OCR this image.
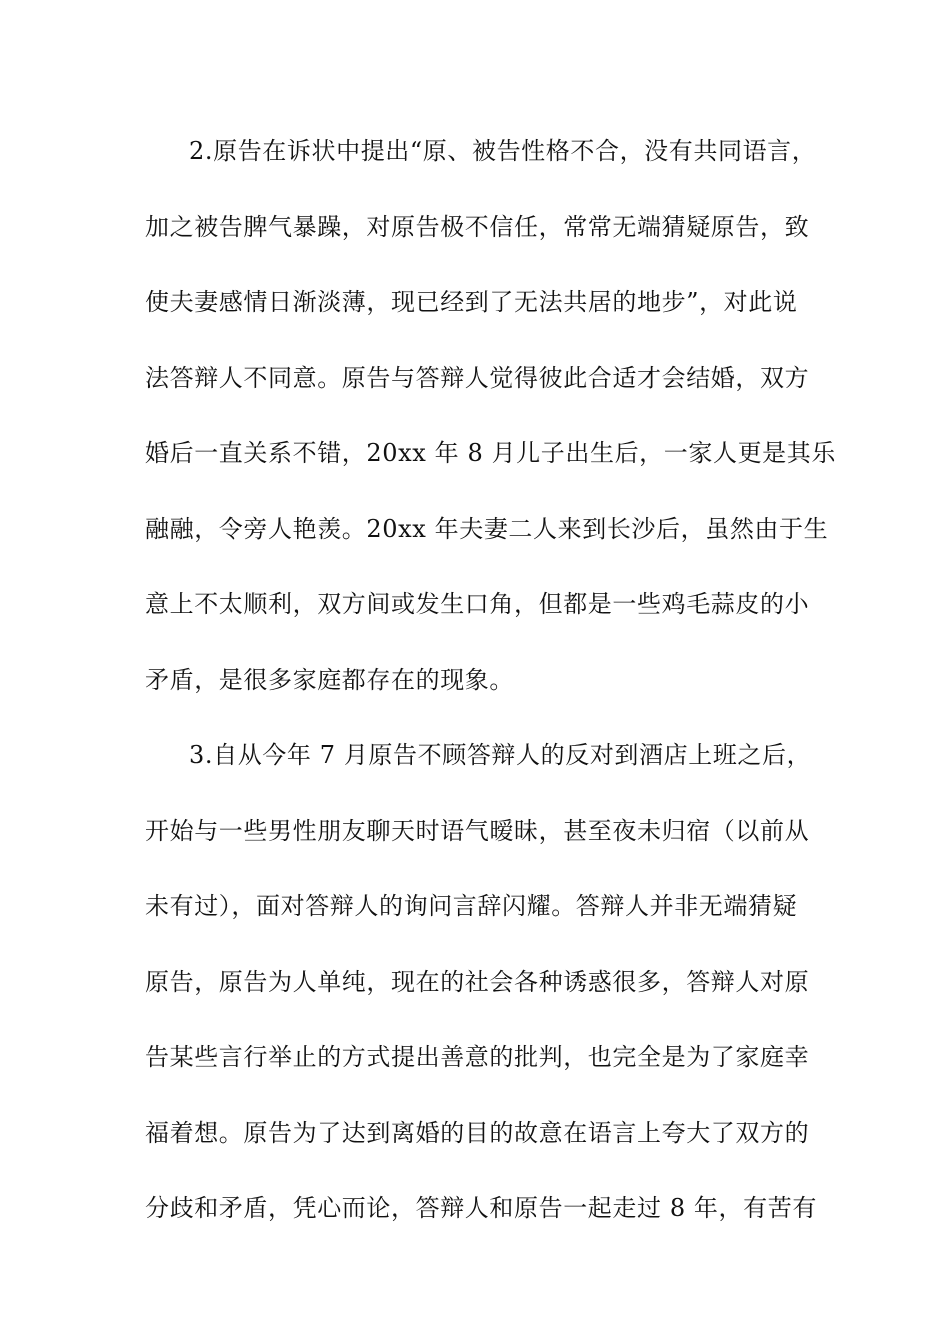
2.原告在诉状中提出“原、被告性格不合，没有共同语言，
加之被告脾气暴躁，对原告极不信任，常常无端猜疑原告，致
使夫妻感情日渐淡薄，现已经到了无法共居的地步”，对此说
法答辩人不同意。原告与答辩人觉得彼此合适才会结婚，双方
婚后一直关系不错，20xx 年 8 月儿子出生后，一家人更是其乐
融融，令旁人艳羡。20xx 年夫妻二人来到长沙后，虽然由于生
意上不太顺利，双方间或发生口角，但都是一些鸡毛蒜皮的小
矛盾，是很多家庭都存在的现象。
3.自从今年 7 月原告不顾答辩人的反对到酒店上班之后，
开始与一些男性朋友聊天时语气暧昧，甚至夜未归宿（以前从
未有过），面对答辩人的询问言辞闪耀。答辩人并非无端猜疑
原告，原告为人单纯，现在的社会各种诱惑很多，答辩人对原
告某些言行举止的方式提出善意的批判，也完全是为了家庭幸
福着想。原告为了达到离婚的目的故意在语言上夸大了双方的
分歧和矛盾，凭心而论，答辩人和原告一起走过 8 年，有苦有
